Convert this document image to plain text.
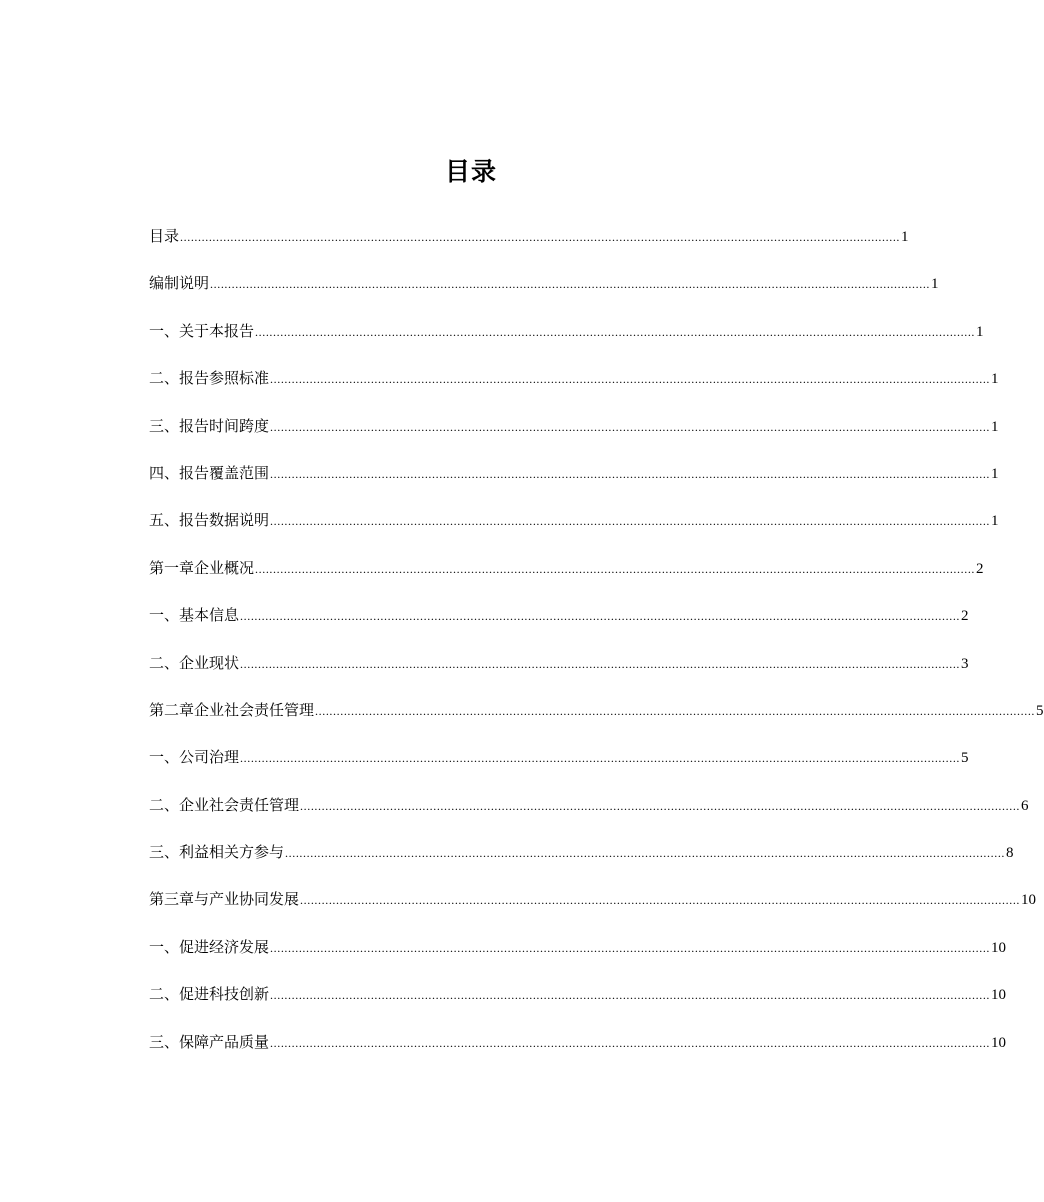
目录
目录 ........................................................................................................................................................................................................ 1
编制说明 ........................................................................................................................................................................................................ 1
一、关于本报告 ........................................................................................................................................................................................................ 1
二、报告参照标准 ........................................................................................................................................................................................................ 1
三、报告时间跨度 ........................................................................................................................................................................................................ 1
四、报告覆盖范围 ........................................................................................................................................................................................................ 1
五、报告数据说明 ........................................................................................................................................................................................................ 1
第一章企业概况 ........................................................................................................................................................................................................ 2
一、基本信息 ........................................................................................................................................................................................................ 2
二、企业现状 ........................................................................................................................................................................................................ 3
第二章企业社会责任管理 ........................................................................................................................................................................................................ 5
一、公司治理 ........................................................................................................................................................................................................ 5
二、企业社会责任管理 ........................................................................................................................................................................................................ 6
三、利益相关方参与 ........................................................................................................................................................................................................ 8
第三章与产业协同发展 ........................................................................................................................................................................................................ 10
一、促进经济发展 ........................................................................................................................................................................................................ 10
二、促进科技创新 ........................................................................................................................................................................................................ 10
三、保障产品质量 ........................................................................................................................................................................................................ 10
